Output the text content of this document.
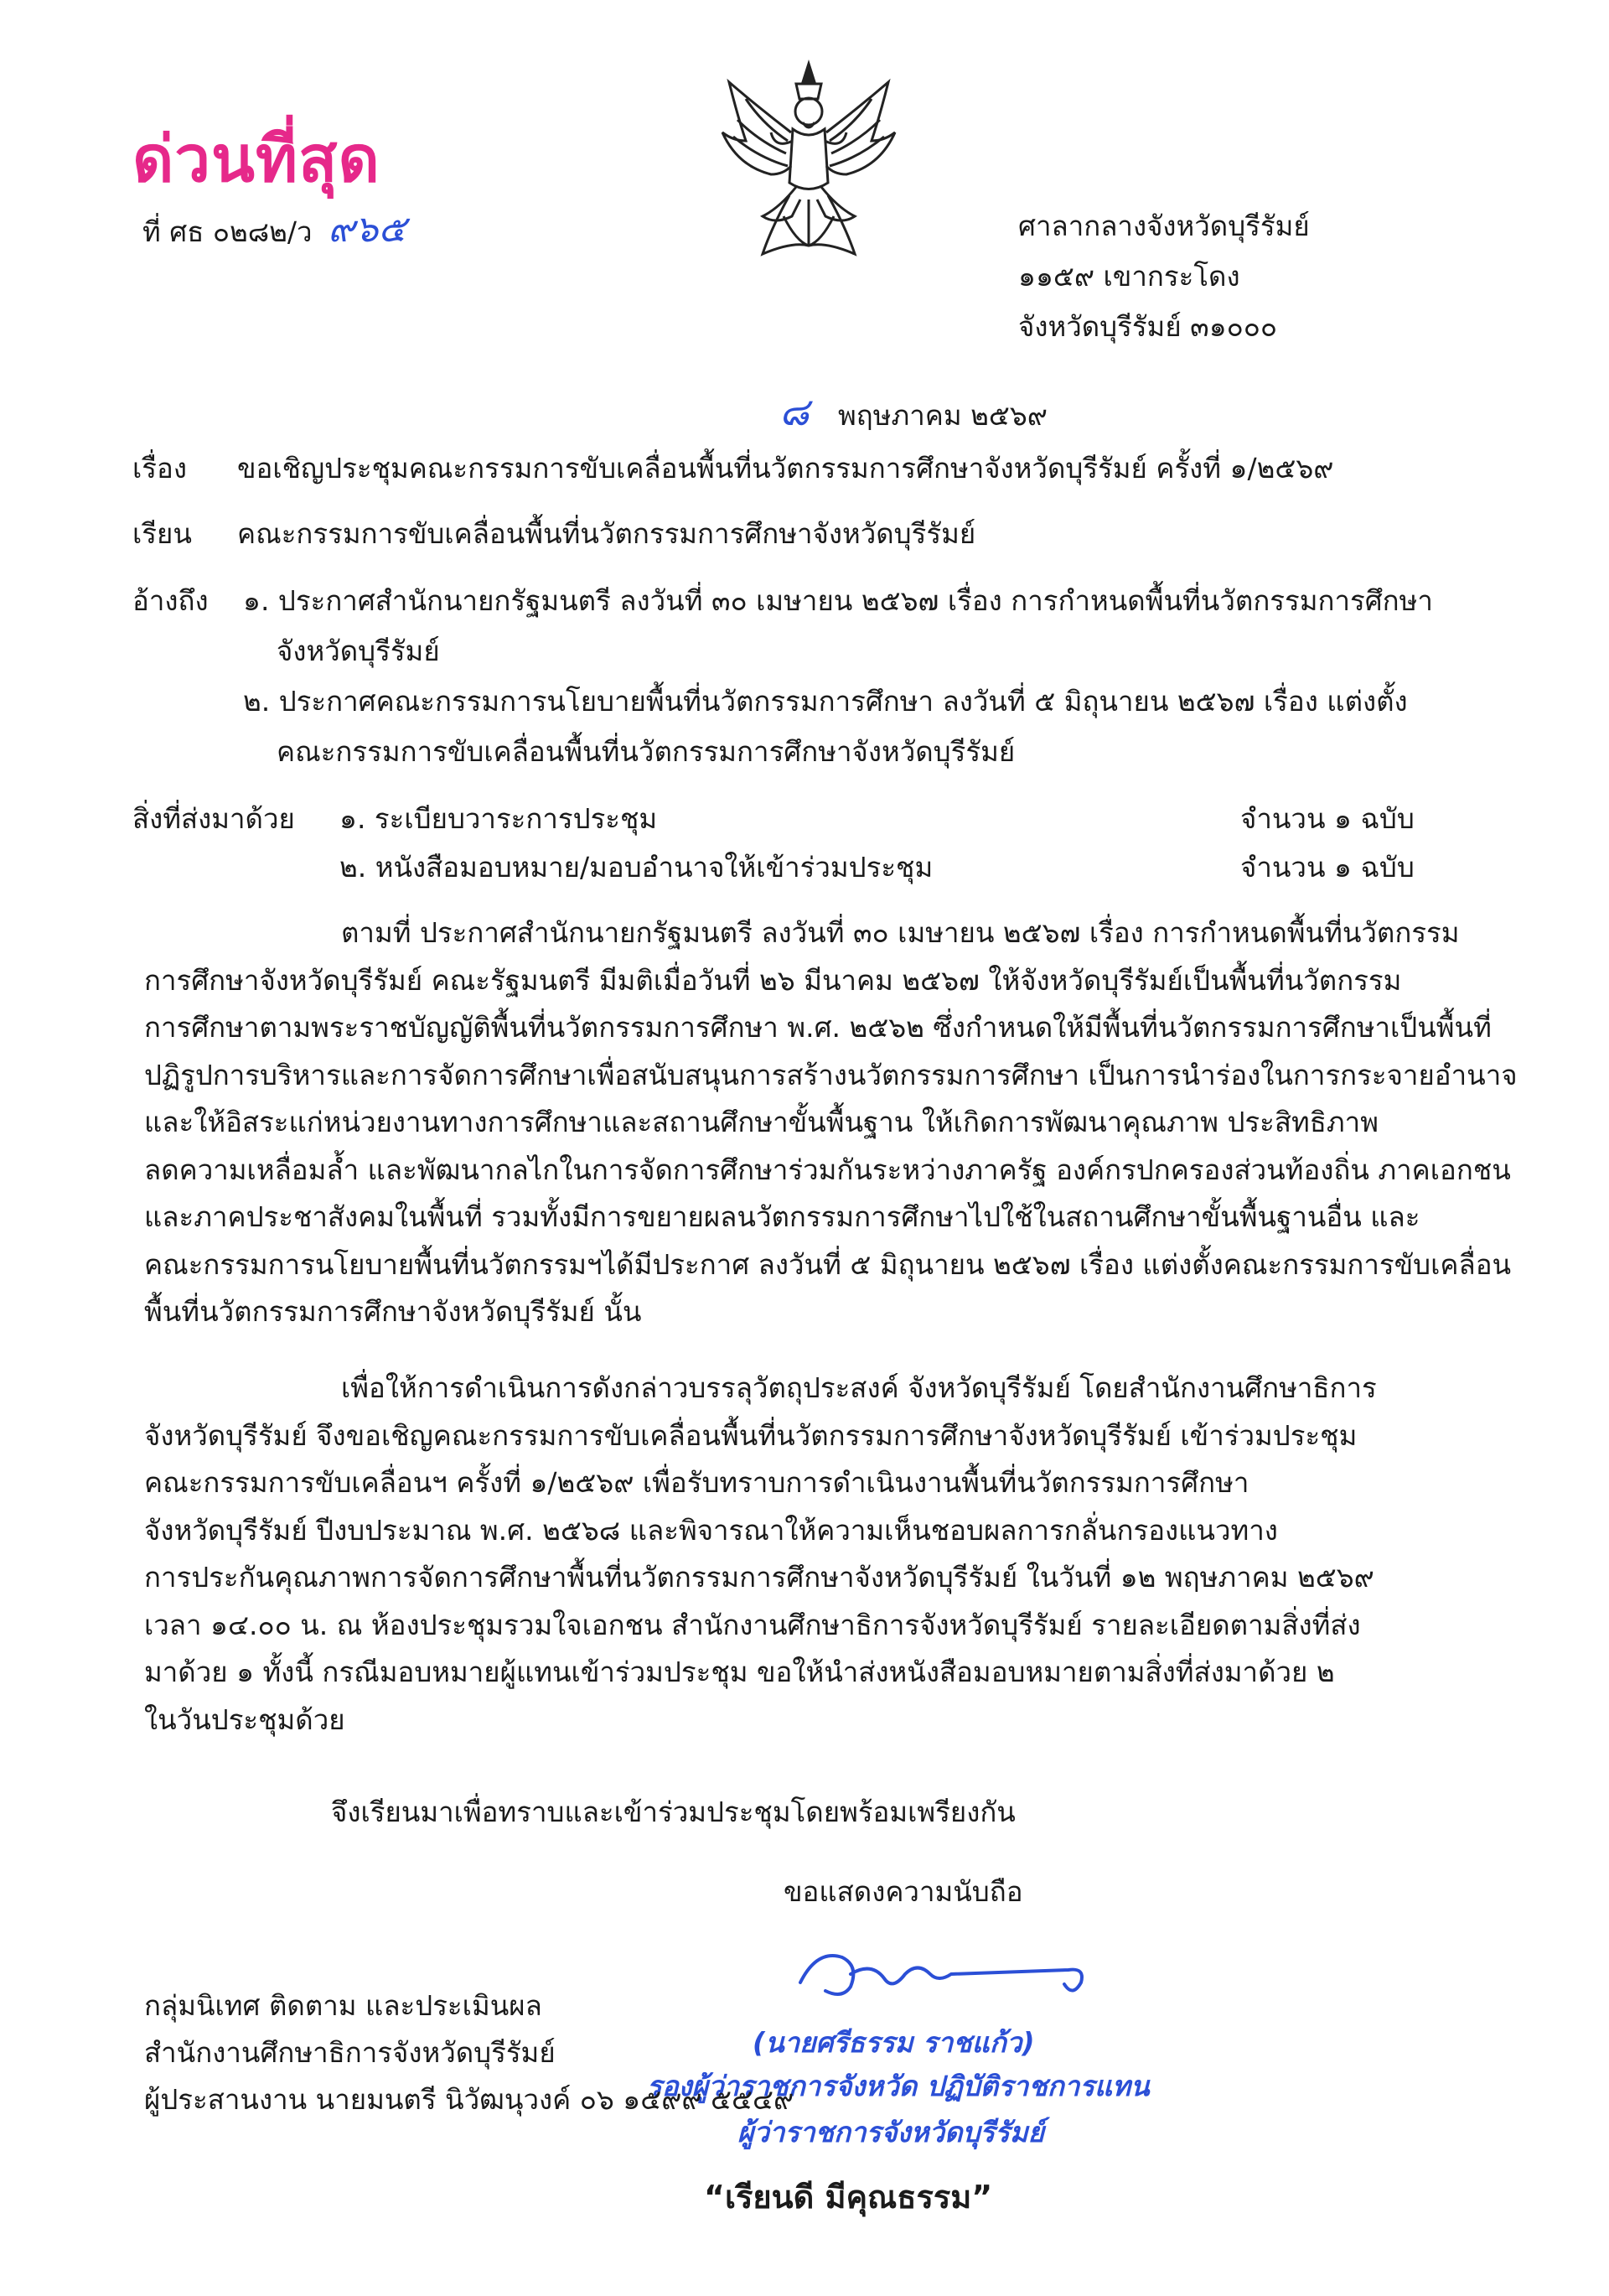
ด่วนที่สุด
ที่ ศธ ๐๒๘๒/ว ๙๖๕	ศาลากลางจังหวัดบุรีรัมย์
๑๑๕๙ เขากระโดง
จังหวัดบุรีรัมย์ ๓๑๐๐๐
๘ พฤษภาคม ๒๕๖๙
เรื่อง ขอเชิญประชุมคณะกรรมการขับเคลื่อนพื้นที่นวัตกรรมการศึกษาจังหวัดบุรีรัมย์ ครั้งที่ ๑/๒๕๖๙
เรียน คณะกรรมการขับเคลื่อนพื้นที่นวัตกรรมการศึกษาจังหวัดบุรีรัมย์
อ้างถึง ๑. ประกาศสำนักนายกรัฐมนตรี ลงวันที่ ๓๐ เมษายน ๒๕๖๗ เรื่อง การกำหนดพื้นที่นวัตกรรมการศึกษา
จังหวัดบุรีรัมย์
๒. ประกาศคณะกรรมการนโยบายพื้นที่นวัตกรรมการศึกษา ลงวันที่ ๕ มิถุนายน ๒๕๖๗ เรื่อง แต่งตั้ง
คณะกรรมการขับเคลื่อนพื้นที่นวัตกรรมการศึกษาจังหวัดบุรีรัมย์
สิ่งที่ส่งมาด้วย ๑. ระเบียบวาระการประชุม	จำนวน ๑ ฉบับ
๒. หนังสือมอบหมาย/มอบอำนาจให้เข้าร่วมประชุม	จำนวน ๑ ฉบับ
ตามที่ ประกาศสำนักนายกรัฐมนตรี ลงวันที่ ๓๐ เมษายน ๒๕๖๗ เรื่อง การกำหนดพื้นที่นวัตกรรม
การศึกษาจังหวัดบุรีรัมย์ คณะรัฐมนตรี มีมติเมื่อวันที่ ๒๖ มีนาคม ๒๕๖๗ ให้จังหวัดบุรีรัมย์เป็นพื้นที่นวัตกรรม
การศึกษาตามพระราชบัญญัติพื้นที่นวัตกรรมการศึกษา พ.ศ. ๒๕๖๒ ซึ่งกำหนดให้มีพื้นที่นวัตกรรมการศึกษาเป็นพื้นที่
ปฏิรูปการบริหารและการจัดการศึกษาเพื่อสนับสนุนการสร้างนวัตกรรมการศึกษา เป็นการนำร่องในการกระจายอำนาจ
และให้อิสระแก่หน่วยงานทางการศึกษาและสถานศึกษาขั้นพื้นฐาน ให้เกิดการพัฒนาคุณภาพ ประสิทธิภาพ
ลดความเหลื่อมล้ำ และพัฒนากลไกในการจัดการศึกษาร่วมกันระหว่างภาครัฐ องค์กรปกครองส่วนท้องถิ่น ภาคเอกชน
และภาคประชาสังคมในพื้นที่ รวมทั้งมีการขยายผลนวัตกรรมการศึกษาไปใช้ในสถานศึกษาขั้นพื้นฐานอื่น และ
คณะกรรมการนโยบายพื้นที่นวัตกรรมฯได้มีประกาศ ลงวันที่ ๕ มิถุนายน ๒๕๖๗ เรื่อง แต่งตั้งคณะกรรมการขับเคลื่อน
พื้นที่นวัตกรรมการศึกษาจังหวัดบุรีรัมย์ นั้น
เพื่อให้การดำเนินการดังกล่าวบรรลุวัตถุประสงค์ จังหวัดบุรีรัมย์ โดยสำนักงานศึกษาธิการ
จังหวัดบุรีรัมย์ จึงขอเชิญคณะกรรมการขับเคลื่อนพื้นที่นวัตกรรมการศึกษาจังหวัดบุรีรัมย์ เข้าร่วมประชุม
คณะกรรมการขับเคลื่อนฯ ครั้งที่ ๑/๒๕๖๙ เพื่อรับทราบการดำเนินงานพื้นที่นวัตกรรมการศึกษา
จังหวัดบุรีรัมย์ ปีงบประมาณ พ.ศ. ๒๕๖๘ และพิจารณาให้ความเห็นชอบผลการกลั่นกรองแนวทาง
การประกันคุณภาพการจัดการศึกษาพื้นที่นวัตกรรมการศึกษาจังหวัดบุรีรัมย์ ในวันที่ ๑๒ พฤษภาคม ๒๕๖๙
เวลา ๑๔.๐๐ น. ณ ห้องประชุมรวมใจเอกชน สำนักงานศึกษาธิการจังหวัดบุรีรัมย์ รายละเอียดตามสิ่งที่ส่ง
มาด้วย ๑ ทั้งนี้ กรณีมอบหมายผู้แทนเข้าร่วมประชุม ขอให้นำส่งหนังสือมอบหมายตามสิ่งที่ส่งมาด้วย ๒
ในวันประชุมด้วย
จึงเรียนมาเพื่อทราบและเข้าร่วมประชุมโดยพร้อมเพรียงกัน
ขอแสดงความนับถือ
(นายศรีธรรม ราชแก้ว)
รองผู้ว่าราชการจังหวัด ปฏิบัติราชการแทน
ผู้ว่าราชการจังหวัดบุรีรัมย์
กลุ่มนิเทศ ติดตาม และประเมินผล
สำนักงานศึกษาธิการจังหวัดบุรีรัมย์
ผู้ประสานงาน นายมนตรี นิวัฒนุวงค์ ๐๖ ๑๕๙๙ ๕๕๔๙
“เรียนดี มีคุณธรรม”
